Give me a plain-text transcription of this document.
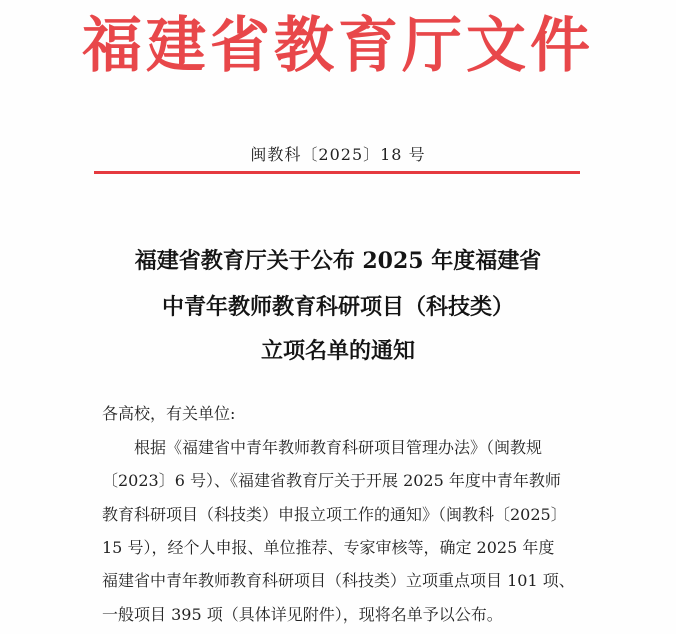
福建省教育厅文件
闽教科〔2025〕18 号
福建省教育厅关于公布 2025 年度福建省
中青年教师教育科研项目（科技类）
立项名单的通知
各高校，有关单位:
根据《福建省中青年教师教育科研项目管理办法》（闽教规
〔2023〕6 号）、《福建省教育厅关于开展 2025 年度中青年教师
教育科研项目（科技类）申报立项工作的通知》（闽教科〔2025〕
15 号），经个人申报、单位推荐、专家审核等，确定 2025 年度
福建省中青年教师教育科研项目（科技类）立项重点项目 101 项、
一般项目 395 项（具体详见附件），现将名单予以公布。
